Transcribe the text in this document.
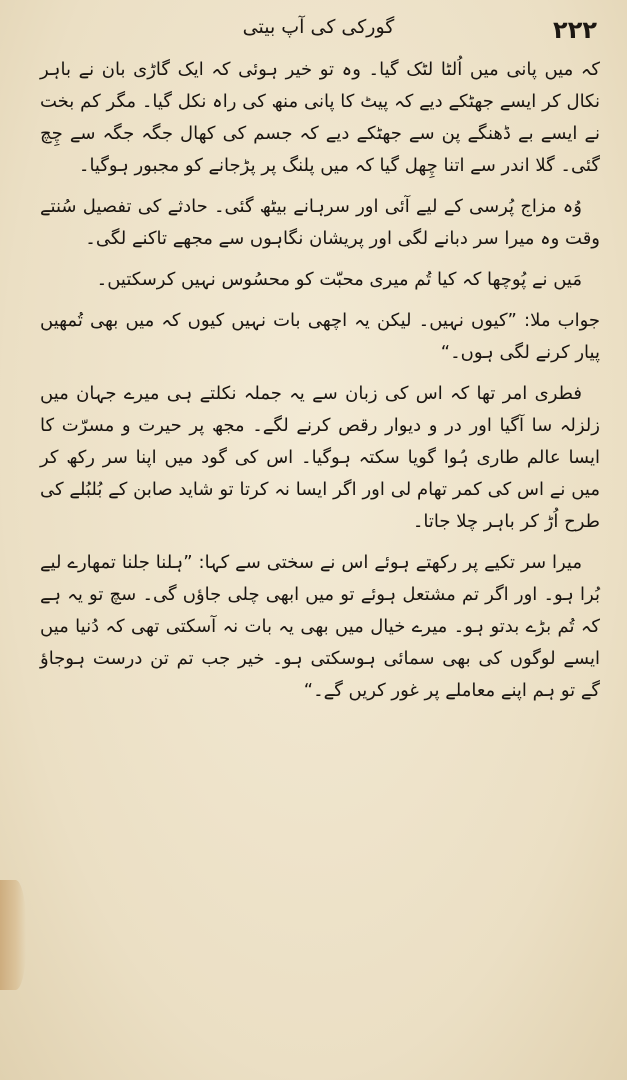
۲۲۲
گورکی کی آپ بیتی

کہ میں پانی میں اُلٹا لٹک گیا۔ وہ تو خیر ہوئی کہ ایک گاڑی بان نے باہر نکال کر ایسے جھٹکے دیے کہ پیٹ کا پانی منھ کی راہ نکل گیا۔ مگر کم بخت نے ایسے بے ڈھنگے پن سے جھٹکے دیے کہ جسم کی کھال جگہ جگہ سے چِچ گئی۔ گلا اندر سے اتنا چِھل گیا کہ میں پلنگ پر پڑجانے کو مجبور ہوگیا۔

وُہ مزاج پُرسی کے لیے آئی اور سرہانے بیٹھ گئی۔ حادثے کی تفصیل سُنتے وقت وہ میرا سر دبانے لگی اور پریشان نگاہوں سے مجھے تاکنے لگی۔

مَیں نے پُوچھا کہ کیا تُم میری محبّت کو محسُوس نہیں کرسکتیں۔

جواب ملا: ”کیوں نہیں۔ لیکن یہ اچھی بات نہیں کیوں کہ میں بھی تُمھیں پیار کرنے لگی ہوں۔“

فطری امر تھا کہ اس کی زبان سے یہ جملہ نکلتے ہی میرے جہان میں زلزلہ سا آگیا اور در و دیوار رقص کرنے لگے۔ مجھ پر حیرت و مسرّت کا ایسا عالم طاری ہُوا گویا سکتہ ہوگیا۔ اس کی گود میں اپنا سر رکھ کر میں نے اس کی کمر تھام لی اور اگر ایسا نہ کرتا تو شاید صابن کے بُلبُلے کی طرح اُڑ کر باہر چلا جاتا۔

میرا سر تکیے پر رکھتے ہوئے اس نے سختی سے کہا: ”ہلنا جلنا تمھارے لیے بُرا ہو۔ اور اگر تم مشتعل ہوئے تو میں ابھی چلی جاؤں گی۔ سچ تو یہ ہے کہ تُم بڑے بدتو ہو۔ میرے خیال میں بھی یہ بات نہ آسکتی تھی کہ دُنیا میں ایسے لوگوں کی بھی سمائی ہوسکتی ہو۔ خیر جب تم تن درست ہوجاؤ گے تو ہم اپنے معاملے پر غور کریں گے۔“
